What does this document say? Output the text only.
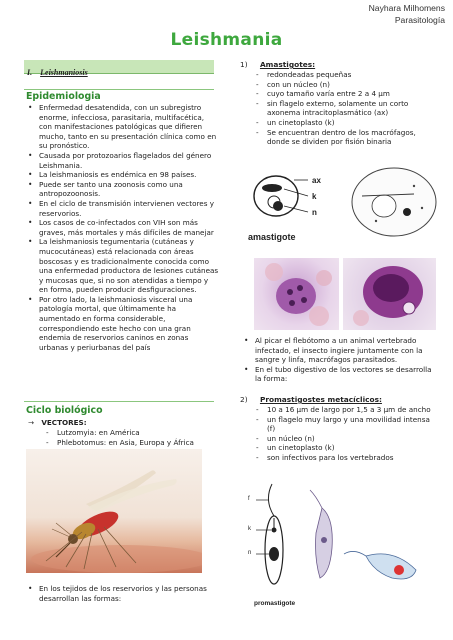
Nayhara Milhomens
Parasitología
Leishmania
I. Leishmaniosis
Epidemiologia
• Enfermedad desatendida, con un subregistro enorme, infecciosa, parasitaria, multifacética, con manifestaciones patológicas que difieren mucho, tanto en su presentación clínica como en su pronóstico.
• Causada por protozoarios flagelados del género Leishmania.
• La leishmaniosis es endémica en 98 países.
• Puede ser tanto una zoonosis como una antropozoonosis.
• En el ciclo de transmisión intervienen vectores y reservorios.
• Los casos de co-infectados con VIH son más graves, más mortales y más difíciles de manejar
• La leishmaniosis tegumentaria (cutáneas y mucocutáneas) está relacionada con áreas boscosas y es tradicionalmente conocida como una enfermedad productora de lesiones cutáneas y mucosas que, si no son atendidas a tiempo y en forma, pueden producir desfiguraciones.
• Por otro lado, la leishmaniosis visceral una patología mortal, que últimamente ha aumentado en forma considerable, correspondiendo este hecho con una gran endemia de reservorios caninos en zonas urbanas y periurbanas del país
Ciclo biológico
→ VECTORES:
- Lutzomyia: en América
- Phlebotomus: en Asia, Europa y África
• En los tejidos de los reservorios y las personas desarrollan las formas:
1) Amastigotes:
- redondeadas pequeñas
- con un núcleo (n)
- cuyo tamaño varía entre 2 a 4 µm
- sin flagelo externo, solamente un corto axonema intracitoplasmático (ax)
- un cinetoplasto (k)
- Se encuentran dentro de los macrófagos, donde se dividen por fisión binaria
ax
k
n
amastigote
• Al picar el flebótomo a un animal vertebrado infectado, el insecto ingiere juntamente con la sangre y linfa, macrófagos parasitados.
• En el tubo digestivo de los vectores se desarrolla la forma:
2) Promastigostes metacíclicos:
- 10 a 16 µm de largo por 1,5 a 3 µm de ancho
- un flagelo muy largo y una movilidad intensa (f)
- un núcleo (n)
- un cinetoplasto (k)
- son infectivos para los vertebrados
f
k
n
promastigote
